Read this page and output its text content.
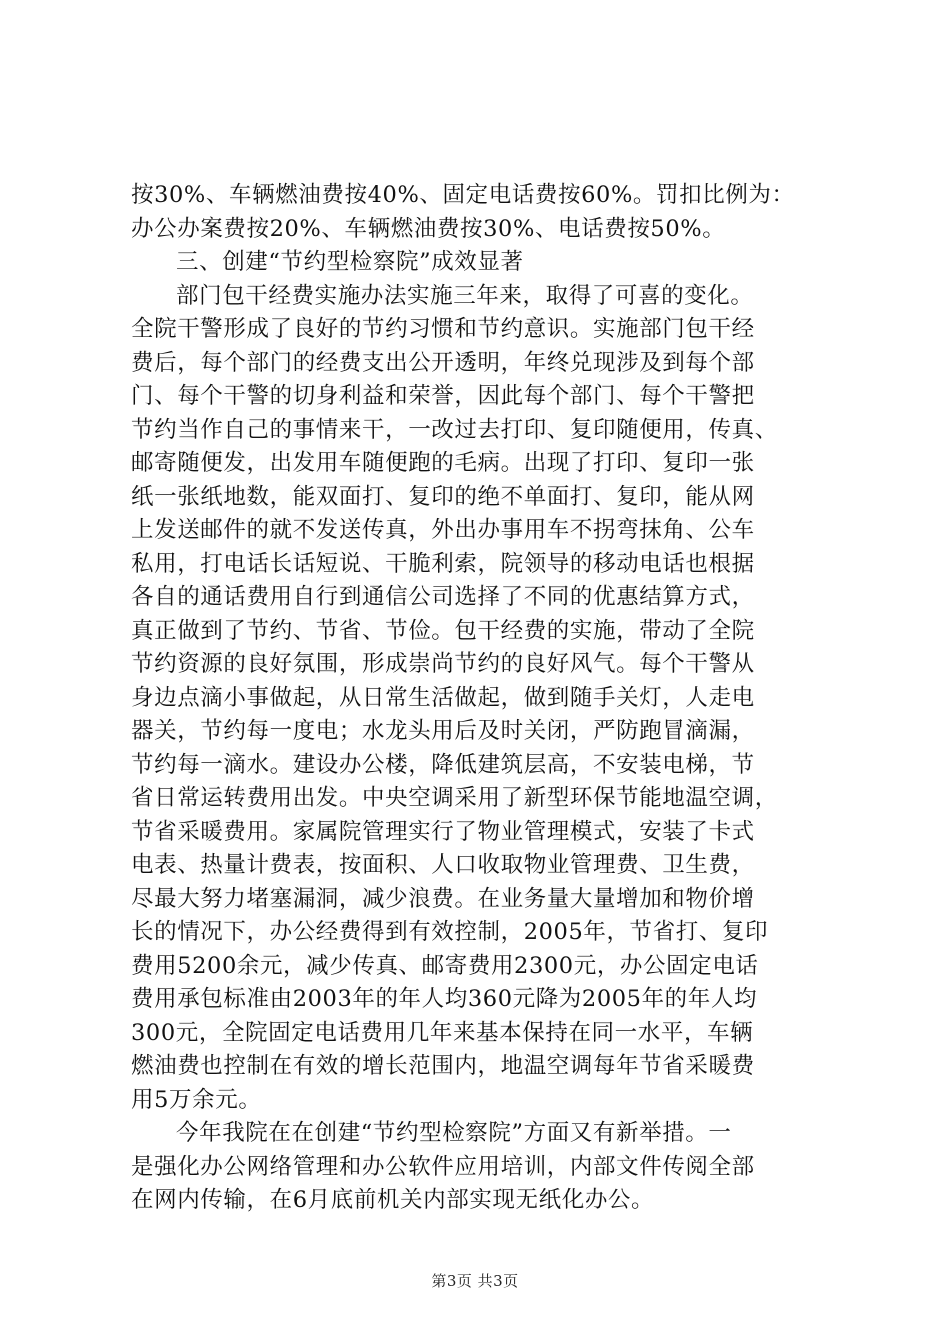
按30%、车辆燃油费按40%、固定电话费按60%。罚扣比例为：
办公办案费按20%、车辆燃油费按30%、电话费按50%。
三、创建“节约型检察院”成效显著
部门包干经费实施办法实施三年来，取得了可喜的变化。
全院干警形成了良好的节约习惯和节约意识。实施部门包干经
费后，每个部门的经费支出公开透明，年终兑现涉及到每个部
门、每个干警的切身利益和荣誉，因此每个部门、每个干警把
节约当作自己的事情来干，一改过去打印、复印随便用，传真、
邮寄随便发，出发用车随便跑的毛病。出现了打印、复印一张
纸一张纸地数，能双面打、复印的绝不单面打、复印，能从网
上发送邮件的就不发送传真，外出办事用车不拐弯抹角、公车
私用，打电话长话短说、干脆利索，院领导的移动电话也根据
各自的通话费用自行到通信公司选择了不同的优惠结算方式，
真正做到了节约、节省、节俭。包干经费的实施，带动了全院
节约资源的良好氛围，形成崇尚节约的良好风气。每个干警从
身边点滴小事做起，从日常生活做起，做到随手关灯，人走电
器关，节约每一度电；水龙头用后及时关闭，严防跑冒滴漏，
节约每一滴水。建设办公楼，降低建筑层高，不安装电梯，节
省日常运转费用出发。中央空调采用了新型环保节能地温空调，
节省采暖费用。家属院管理实行了物业管理模式，安装了卡式
电表、热量计费表，按面积、人口收取物业管理费、卫生费，
尽最大努力堵塞漏洞，减少浪费。在业务量大量增加和物价增
长的情况下，办公经费得到有效控制，2005年，节省打、复印
费用5200余元，减少传真、邮寄费用2300元，办公固定电话
费用承包标准由2003年的年人均360元降为2005年的年人均
300元，全院固定电话费用几年来基本保持在同一水平，车辆
燃油费也控制在有效的增长范围内，地温空调每年节省采暖费
用5万余元。
今年我院在在创建“节约型检察院”方面又有新举措。一
是强化办公网络管理和办公软件应用培训，内部文件传阅全部
在网内传输，在6月底前机关内部实现无纸化办公。
第3页 共3页
